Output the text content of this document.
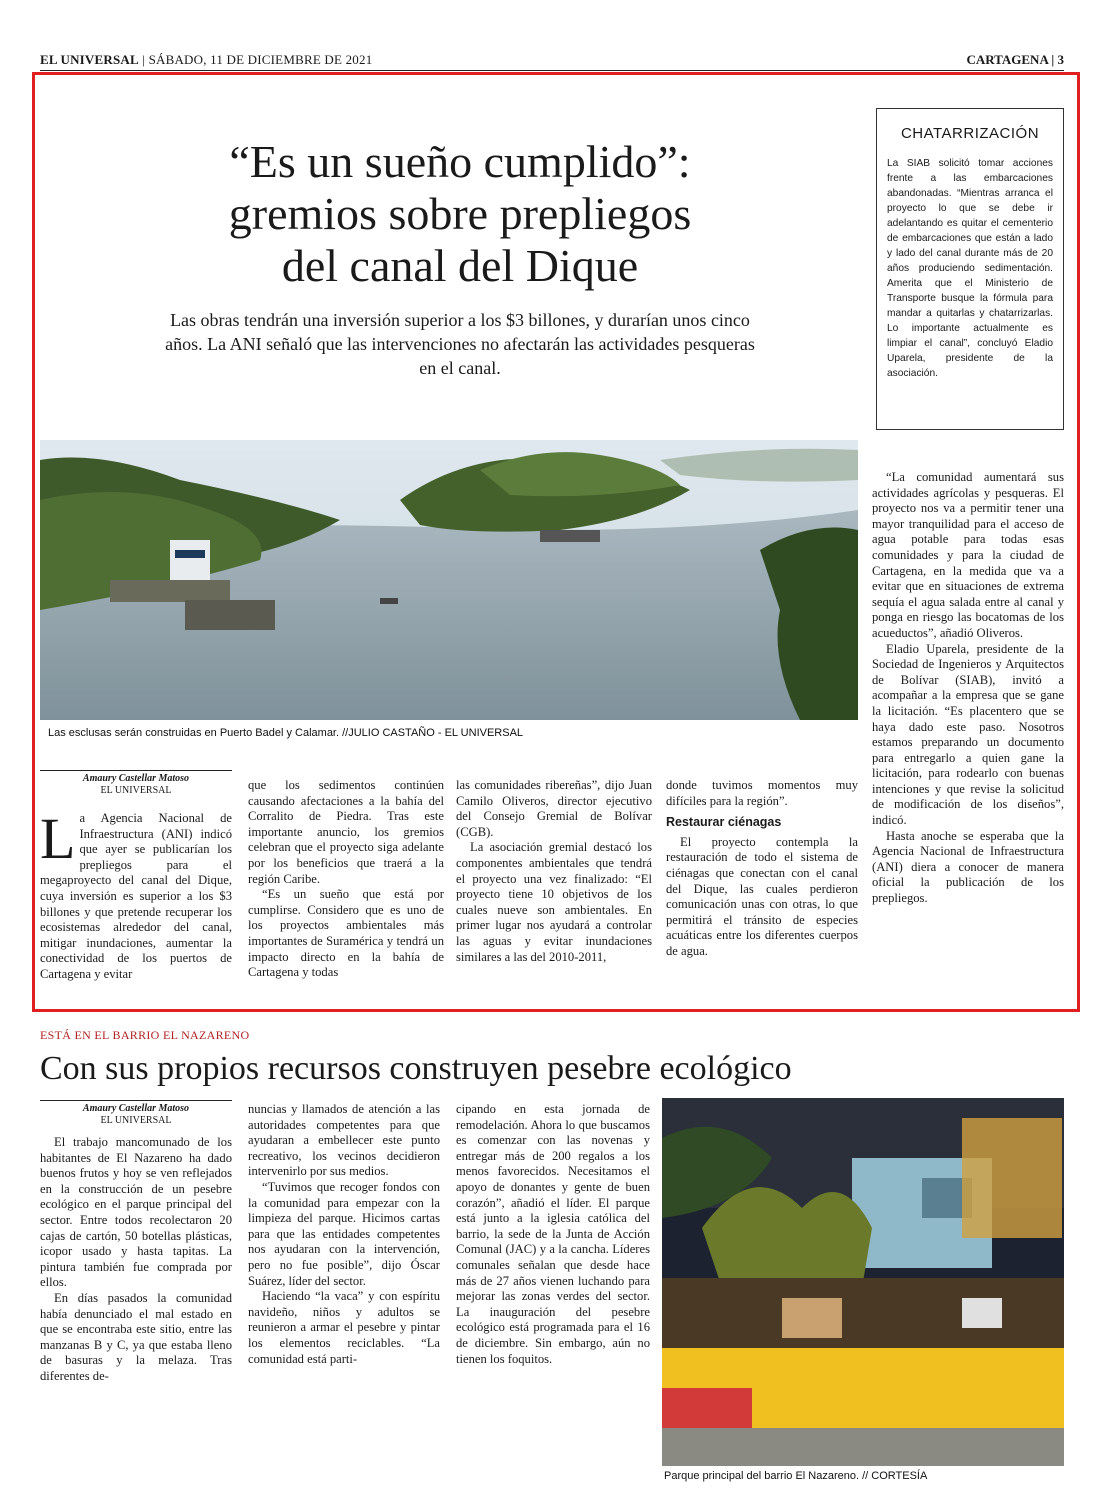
EL UNIVERSAL | SÁBADO, 11 DE DICIEMBRE DE 2021	CARTAGENA | 3
“Es un sueño cumplido”:
gremios sobre prepliegos
del canal del Dique
Las obras tendrán una inversión superior a los $3 billones, y durarían unos cinco años. La ANI señaló que las intervenciones no afectarán las actividades pesqueras en el canal.
CHATARRIZACIÓN
La SIAB solicitó tomar acciones frente a las embarcaciones abandonadas. “Mientras arranca el proyecto lo que se debe ir adelantando es quitar el cementerio de embarcaciones que están a lado y lado del canal durante más de 20 años produciendo sedimentación. Amerita que el Ministerio de Transporte busque la fórmula para mandar a quitarlas y chatarrizarlas. Lo importante actualmente es limpiar el canal”, concluyó Eladio Uparela, presidente de la asociación.
Las esclusas serán construidas en Puerto Badel y Calamar. //JULIO CASTAÑO - EL UNIVERSAL
Amaury Castellar Matoso
EL UNIVERSAL

La Agencia Nacional de Infraestructura (ANI) indicó que ayer se publicarían los prepliegos para el megaproyecto del canal del Dique, cuya inversión es superior a los $3 billones y que pretende recuperar los ecosistemas alrededor del canal, mitigar inundaciones, aumentar la conectividad de los puertos de Cartagena y evitar

que los sedimentos continúen causando afectaciones a la bahía del Corralito de Piedra. Tras este importante anuncio, los gremios celebran que el proyecto siga adelante por los beneficios que traerá a la región Caribe.

“Es un sueño que está por cumplirse. Considero que es uno de los proyectos ambientales más importantes de Suramérica y tendrá un impacto directo en la bahía de Cartagena y todas

las comunidades ribereñas”, dijo Juan Camilo Oliveros, director ejecutivo del Consejo Gremial de Bolívar (CGB).

La asociación gremial destacó los componentes ambientales que tendrá el proyecto una vez finalizado: “El proyecto tiene 10 objetivos de los cuales nueve son ambientales. En primer lugar nos ayudará a controlar las aguas y evitar inundaciones similares a las del 2010-2011,

donde tuvimos momentos muy difíciles para la región”.

Restaurar ciénagas

El proyecto contempla la restauración de todo el sistema de ciénagas que conectan con el canal del Dique, las cuales perdieron comunicación unas con otras, lo que permitirá el tránsito de especies acuáticas entre los diferentes cuerpos de agua.

“La comunidad aumentará sus actividades agrícolas y pesqueras. El proyecto nos va a permitir tener una mayor tranquilidad para el acceso de agua potable para todas esas comunidades y para la ciudad de Cartagena, en la medida que va a evitar que en situaciones de extrema sequía el agua salada entre al canal y ponga en riesgo las bocatomas de los acueductos”, añadió Oliveros.

Eladio Uparela, presidente de la Sociedad de Ingenieros y Arquitectos de Bolívar (SIAB), invitó a acompañar a la empresa que se gane la licitación. “Es placentero que se haya dado este paso. Nosotros estamos preparando un documento para entregarlo a quien gane la licitación, para rodearlo con buenas intenciones y que revise la solicitud de modificación de los diseños”, indicó.

Hasta anoche se esperaba que la Agencia Nacional de Infraestructura (ANI) diera a conocer de manera oficial la publicación de los prepliegos.

ESTÁ EN EL BARRIO EL NAZARENO
Con sus propios recursos construyen pesebre ecológico
Amaury Castellar Matoso
EL UNIVERSAL

El trabajo mancomunado de los habitantes de El Nazareno ha dado buenos frutos y hoy se ven reflejados en la construcción de un pesebre ecológico en el parque principal del sector. Entre todos recolectaron 20 cajas de cartón, 50 botellas plásticas, icopor usado y hasta tapitas. La pintura también fue comprada por ellos.

En días pasados la comunidad había denunciado el mal estado en que se encontraba este sitio, entre las manzanas B y C, ya que estaba lleno de basuras y la melaza. Tras diferentes de-

nuncias y llamados de atención a las autoridades competentes para que ayudaran a embellecer este punto recreativo, los vecinos decidieron intervenirlo por sus medios.

“Tuvimos que recoger fondos con la comunidad para empezar con la limpieza del parque. Hicimos cartas para que las entidades competentes nos ayudaran con la intervención, pero no fue posible”, dijo Óscar Suárez, líder del sector.

Haciendo “la vaca” y con espíritu navideño, niños y adultos se reunieron a armar el pesebre y pintar los elementos reciclables. “La comunidad está parti-

cipando en esta jornada de remodelación. Ahora lo que buscamos es comenzar con las novenas y entregar más de 200 regalos a los menos favorecidos. Necesitamos el apoyo de donantes y gente de buen corazón”, añadió el líder. El parque está junto a la iglesia católica del barrio, la sede de la Junta de Acción Comunal (JAC) y a la cancha. Líderes comunales señalan que desde hace más de 27 años vienen luchando para mejorar las zonas verdes del sector. La inauguración del pesebre ecológico está programada para el 16 de diciembre. Sin embargo, aún no tienen los foquitos.

Parque principal del barrio El Nazareno. // CORTESÍA
